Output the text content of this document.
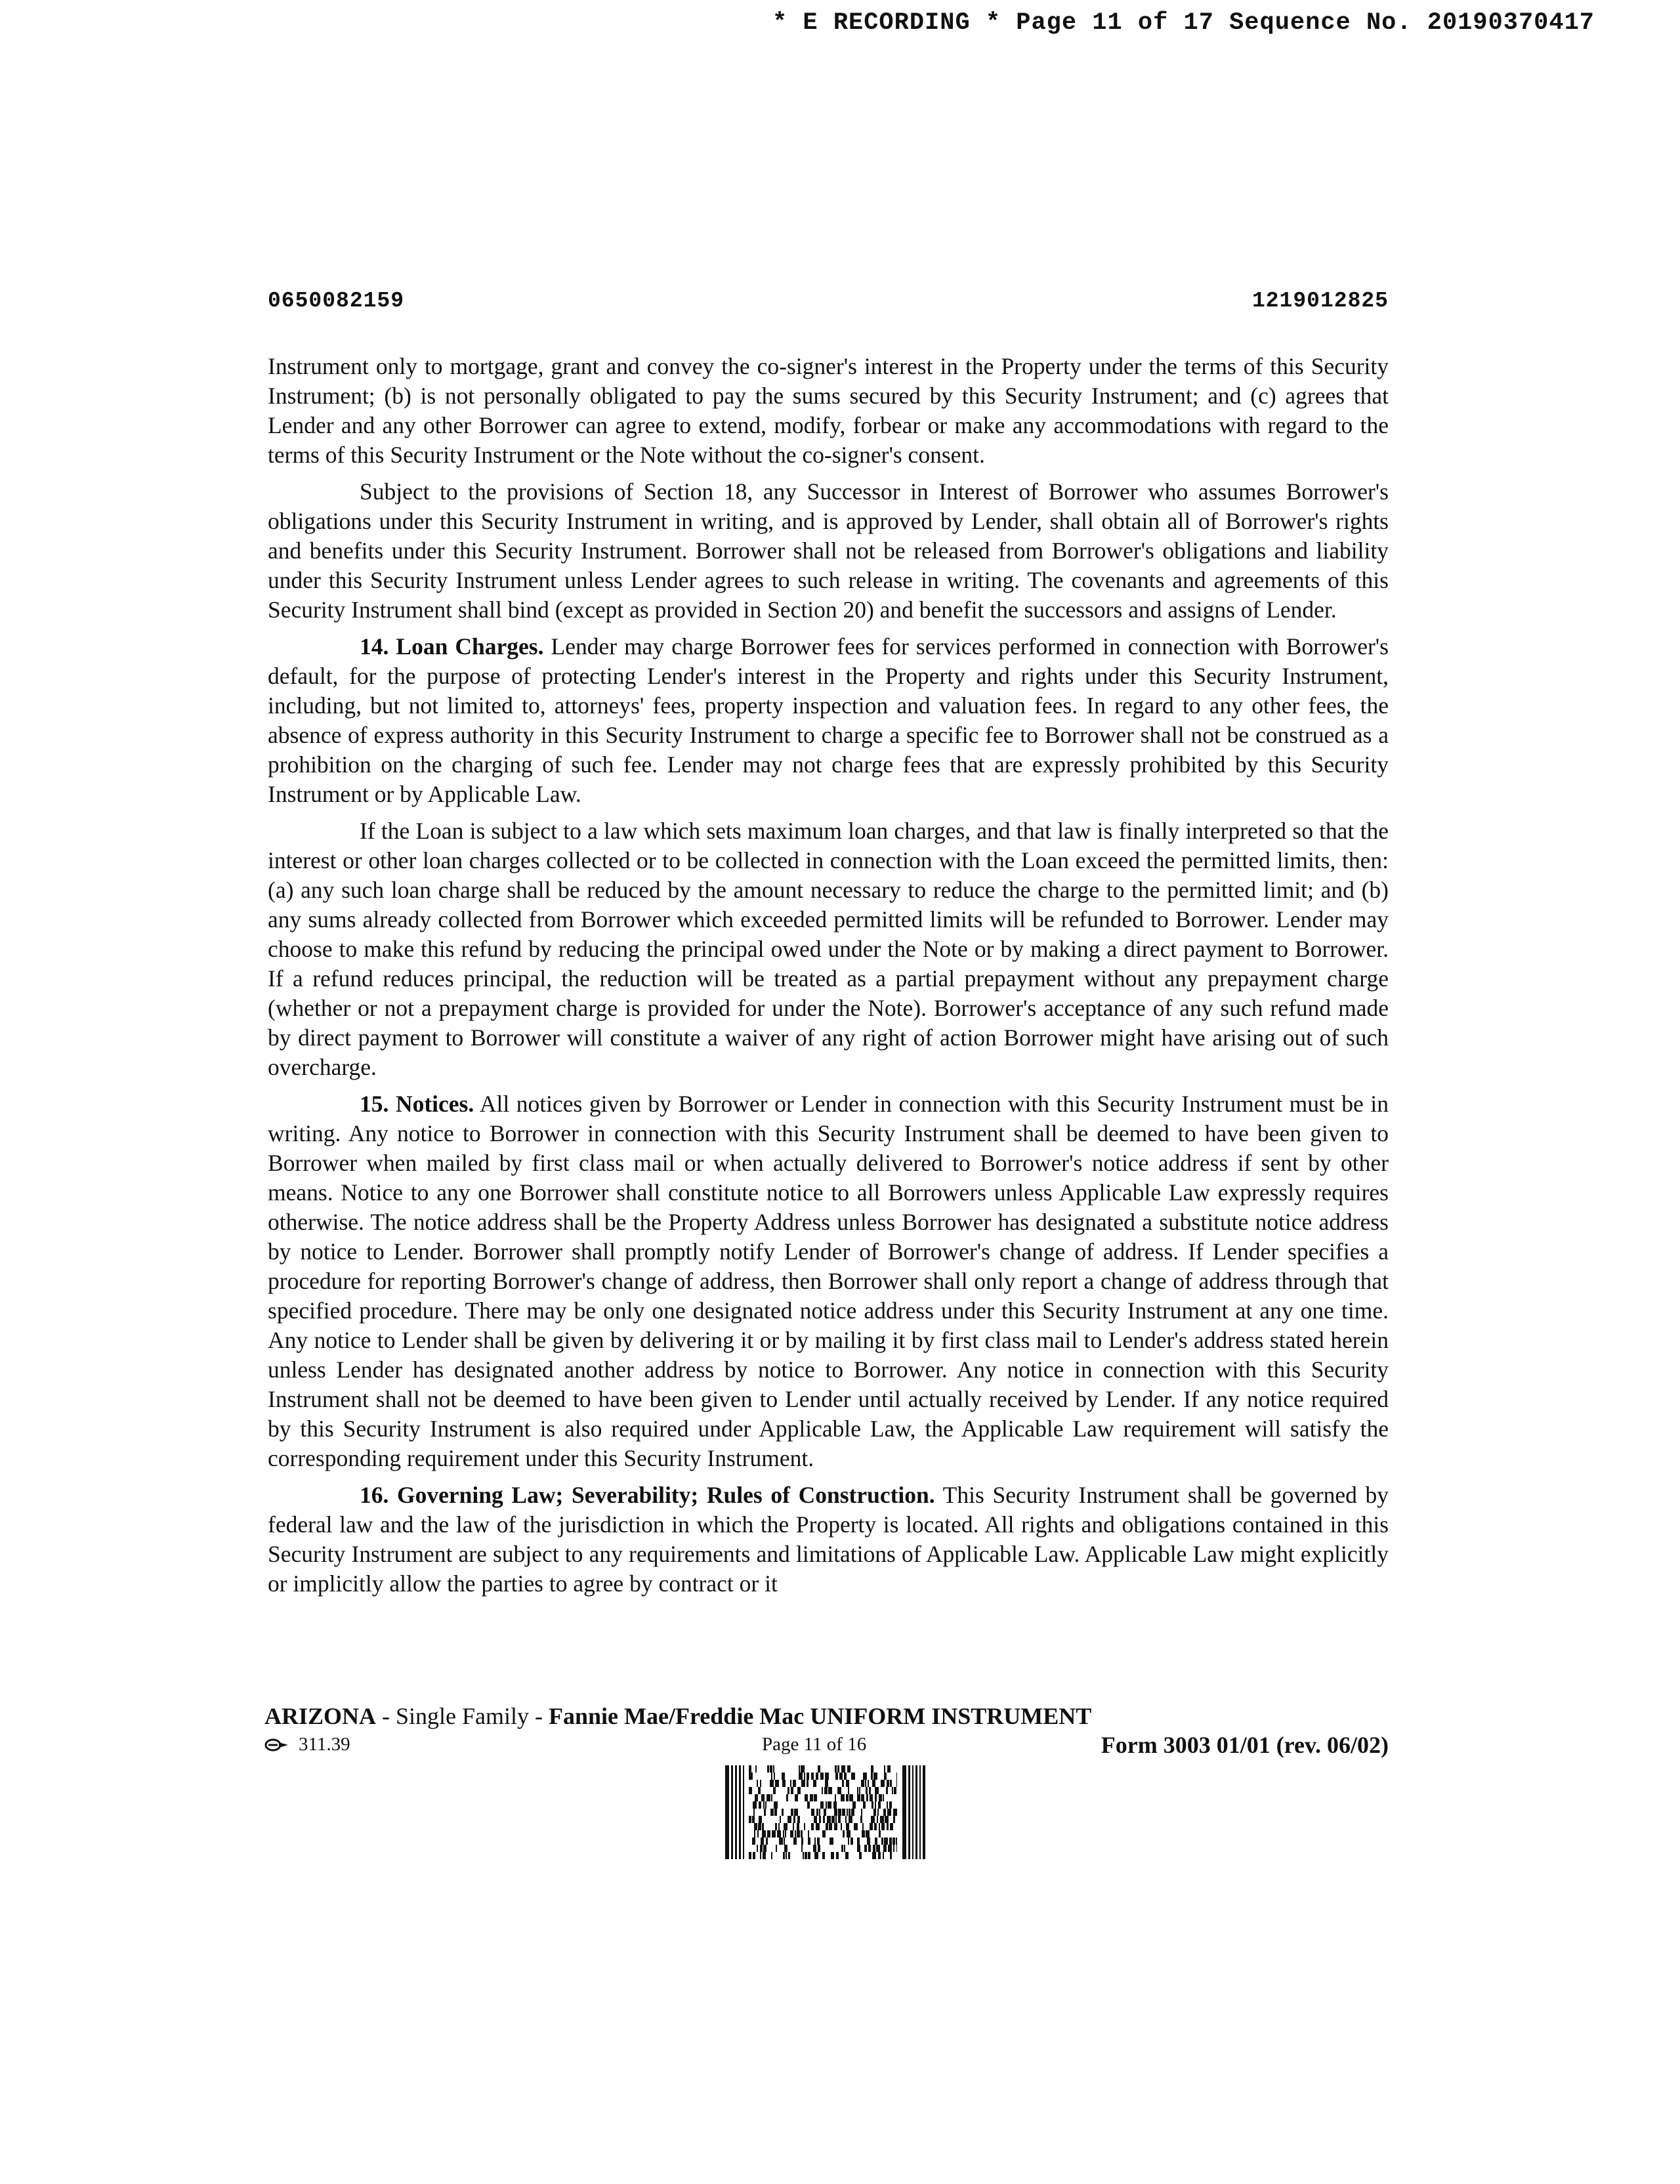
* E RECORDING * Page 11 of 17 Sequence No. 20190370417
0650082159	1219012825

Instrument only to mortgage, grant and convey the co-signer's interest in the Property under the terms of this Security Instrument; (b) is not personally obligated to pay the sums secured by this Security Instrument; and (c) agrees that Lender and any other Borrower can agree to extend, modify, forbear or make any accommodations with regard to the terms of this Security Instrument or the Note without the co-signer's consent.

Subject to the provisions of Section 18, any Successor in Interest of Borrower who assumes Borrower's obligations under this Security Instrument in writing, and is approved by Lender, shall obtain all of Borrower's rights and benefits under this Security Instrument. Borrower shall not be released from Borrower's obligations and liability under this Security Instrument unless Lender agrees to such release in writing. The covenants and agreements of this Security Instrument shall bind (except as provided in Section 20) and benefit the successors and assigns of Lender.

14. Loan Charges. Lender may charge Borrower fees for services performed in connection with Borrower's default, for the purpose of protecting Lender's interest in the Property and rights under this Security Instrument, including, but not limited to, attorneys' fees, property inspection and valuation fees. In regard to any other fees, the absence of express authority in this Security Instrument to charge a specific fee to Borrower shall not be construed as a prohibition on the charging of such fee. Lender may not charge fees that are expressly prohibited by this Security Instrument or by Applicable Law.

If the Loan is subject to a law which sets maximum loan charges, and that law is finally interpreted so that the interest or other loan charges collected or to be collected in connection with the Loan exceed the permitted limits, then: (a) any such loan charge shall be reduced by the amount necessary to reduce the charge to the permitted limit; and (b) any sums already collected from Borrower which exceeded permitted limits will be refunded to Borrower. Lender may choose to make this refund by reducing the principal owed under the Note or by making a direct payment to Borrower. If a refund reduces principal, the reduction will be treated as a partial prepayment without any prepayment charge (whether or not a prepayment charge is provided for under the Note). Borrower's acceptance of any such refund made by direct payment to Borrower will constitute a waiver of any right of action Borrower might have arising out of such overcharge.

15. Notices. All notices given by Borrower or Lender in connection with this Security Instrument must be in writing. Any notice to Borrower in connection with this Security Instrument shall be deemed to have been given to Borrower when mailed by first class mail or when actually delivered to Borrower's notice address if sent by other means. Notice to any one Borrower shall constitute notice to all Borrowers unless Applicable Law expressly requires otherwise. The notice address shall be the Property Address unless Borrower has designated a substitute notice address by notice to Lender. Borrower shall promptly notify Lender of Borrower's change of address. If Lender specifies a procedure for reporting Borrower's change of address, then Borrower shall only report a change of address through that specified procedure. There may be only one designated notice address under this Security Instrument at any one time. Any notice to Lender shall be given by delivering it or by mailing it by first class mail to Lender's address stated herein unless Lender has designated another address by notice to Borrower. Any notice in connection with this Security Instrument shall not be deemed to have been given to Lender until actually received by Lender. If any notice required by this Security Instrument is also required under Applicable Law, the Applicable Law requirement will satisfy the corresponding requirement under this Security Instrument.

16. Governing Law; Severability; Rules of Construction. This Security Instrument shall be governed by federal law and the law of the jurisdiction in which the Property is located. All rights and obligations contained in this Security Instrument are subject to any requirements and limitations of Applicable Law. Applicable Law might explicitly or implicitly allow the parties to agree by contract or it

ARIZONA - Single Family - Fannie Mae/Freddie Mac UNIFORM INSTRUMENT
311.39	Page 11 of 16	Form 3003 01/01 (rev. 06/02)
